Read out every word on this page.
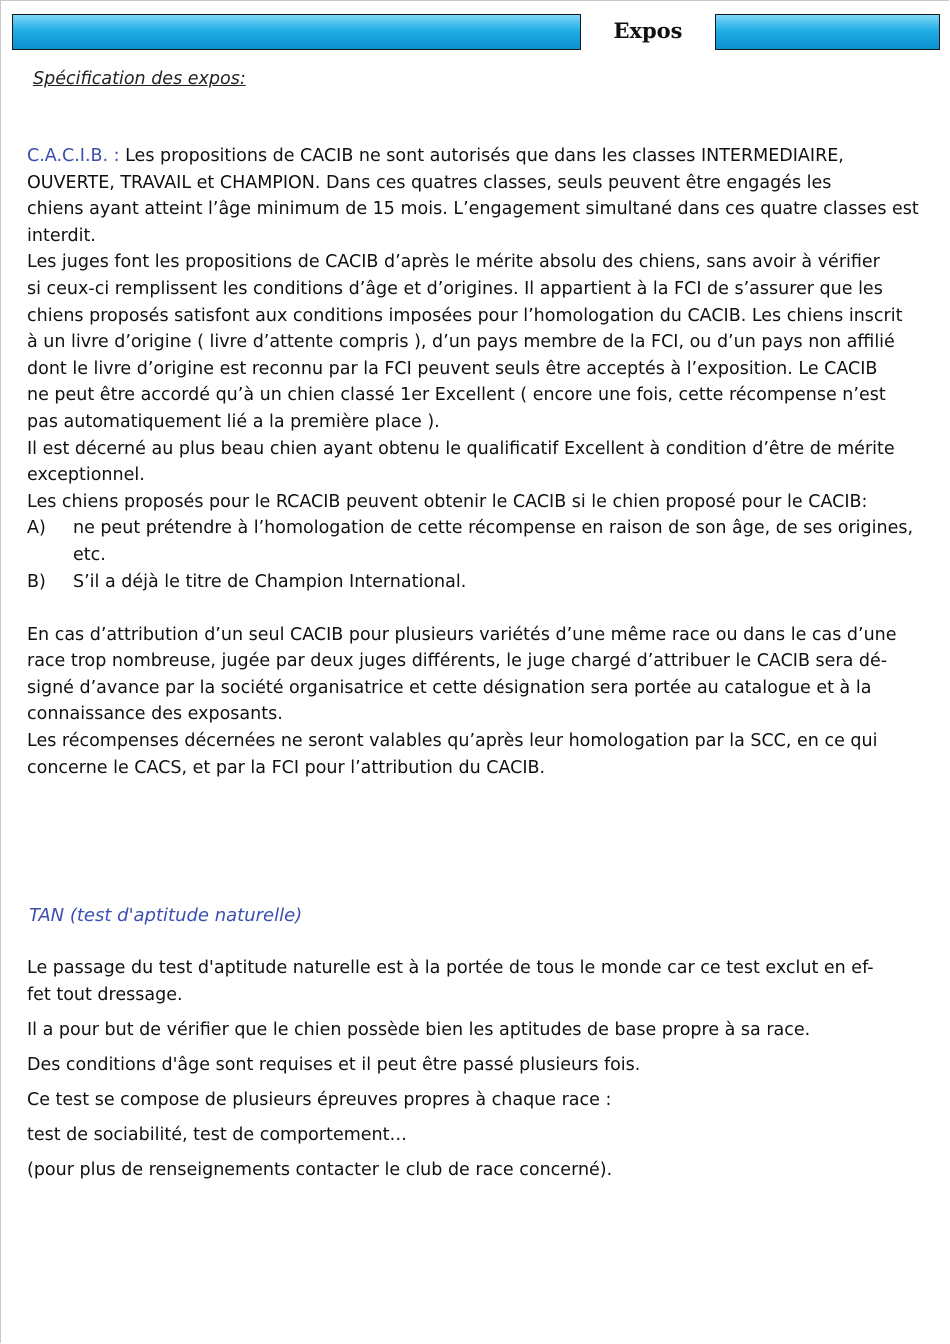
Expos
Spécification des expos:

C.A.C.I.B. : Les propositions de CACIB ne sont autorisés que dans les classes INTERMEDIAIRE,

OUVERTE, TRAVAIL et CHAMPION. Dans ces quatres classes, seuls peuvent être engagés les

chiens ayant atteint l’âge minimum de 15 mois. L’engagement simultané dans ces quatre classes est

interdit.

Les juges font les propositions de CACIB d’après le mérite absolu des chiens, sans avoir à vérifier

si ceux-ci remplissent les conditions d’âge et d’origines. Il appartient à la FCI de s’assurer que les

chiens proposés satisfont aux conditions imposées pour l’homologation du CACIB. Les chiens inscrit

à un livre d’origine ( livre d’attente compris ), d’un pays membre de la FCI, ou d’un pays non affilié

dont le livre d’origine est reconnu par la FCI peuvent seuls être acceptés à l’exposition. Le CACIB

ne peut être accordé qu’à un chien classé 1er Excellent ( encore une fois, cette récompense n’est

pas automatiquement lié a la première place ).

Il est décerné au plus beau chien ayant obtenu le qualificatif Excellent à condition d’être de mérite

exceptionnel.

Les chiens proposés pour le RCACIB peuvent obtenir le CACIB si le chien proposé pour le CACIB:

A)	ne peut prétendre à l’homologation de cette récompense en raison de son âge, de ses origines,
etc.
B)	S’il a déjà le titre de Champion International.

En cas d’attribution d’un seul CACIB pour plusieurs variétés d’une même race ou dans le cas d’une

race trop nombreuse, jugée par deux juges différents, le juge chargé d’attribuer le CACIB sera dé-

signé d’avance par la société organisatrice et cette désignation sera portée au catalogue et à la

connaissance des exposants.

Les récompenses décernées ne seront valables qu’après leur homologation par la SCC, en ce qui

concerne le CACS, et par la FCI pour l’attribution du CACIB.

TAN (test d'aptitude naturelle)

Le passage du test d'aptitude naturelle est à la portée de tous le monde car ce test exclut en ef-
fet tout dressage.

Il a pour but de vérifier que le chien possède bien les aptitudes de base propre à sa race.

Des conditions d'âge sont requises et il peut être passé plusieurs fois.

Ce test se compose de plusieurs épreuves propres à chaque race :

test de sociabilité, test de comportement…

(pour plus de renseignements contacter le club de race concerné).
